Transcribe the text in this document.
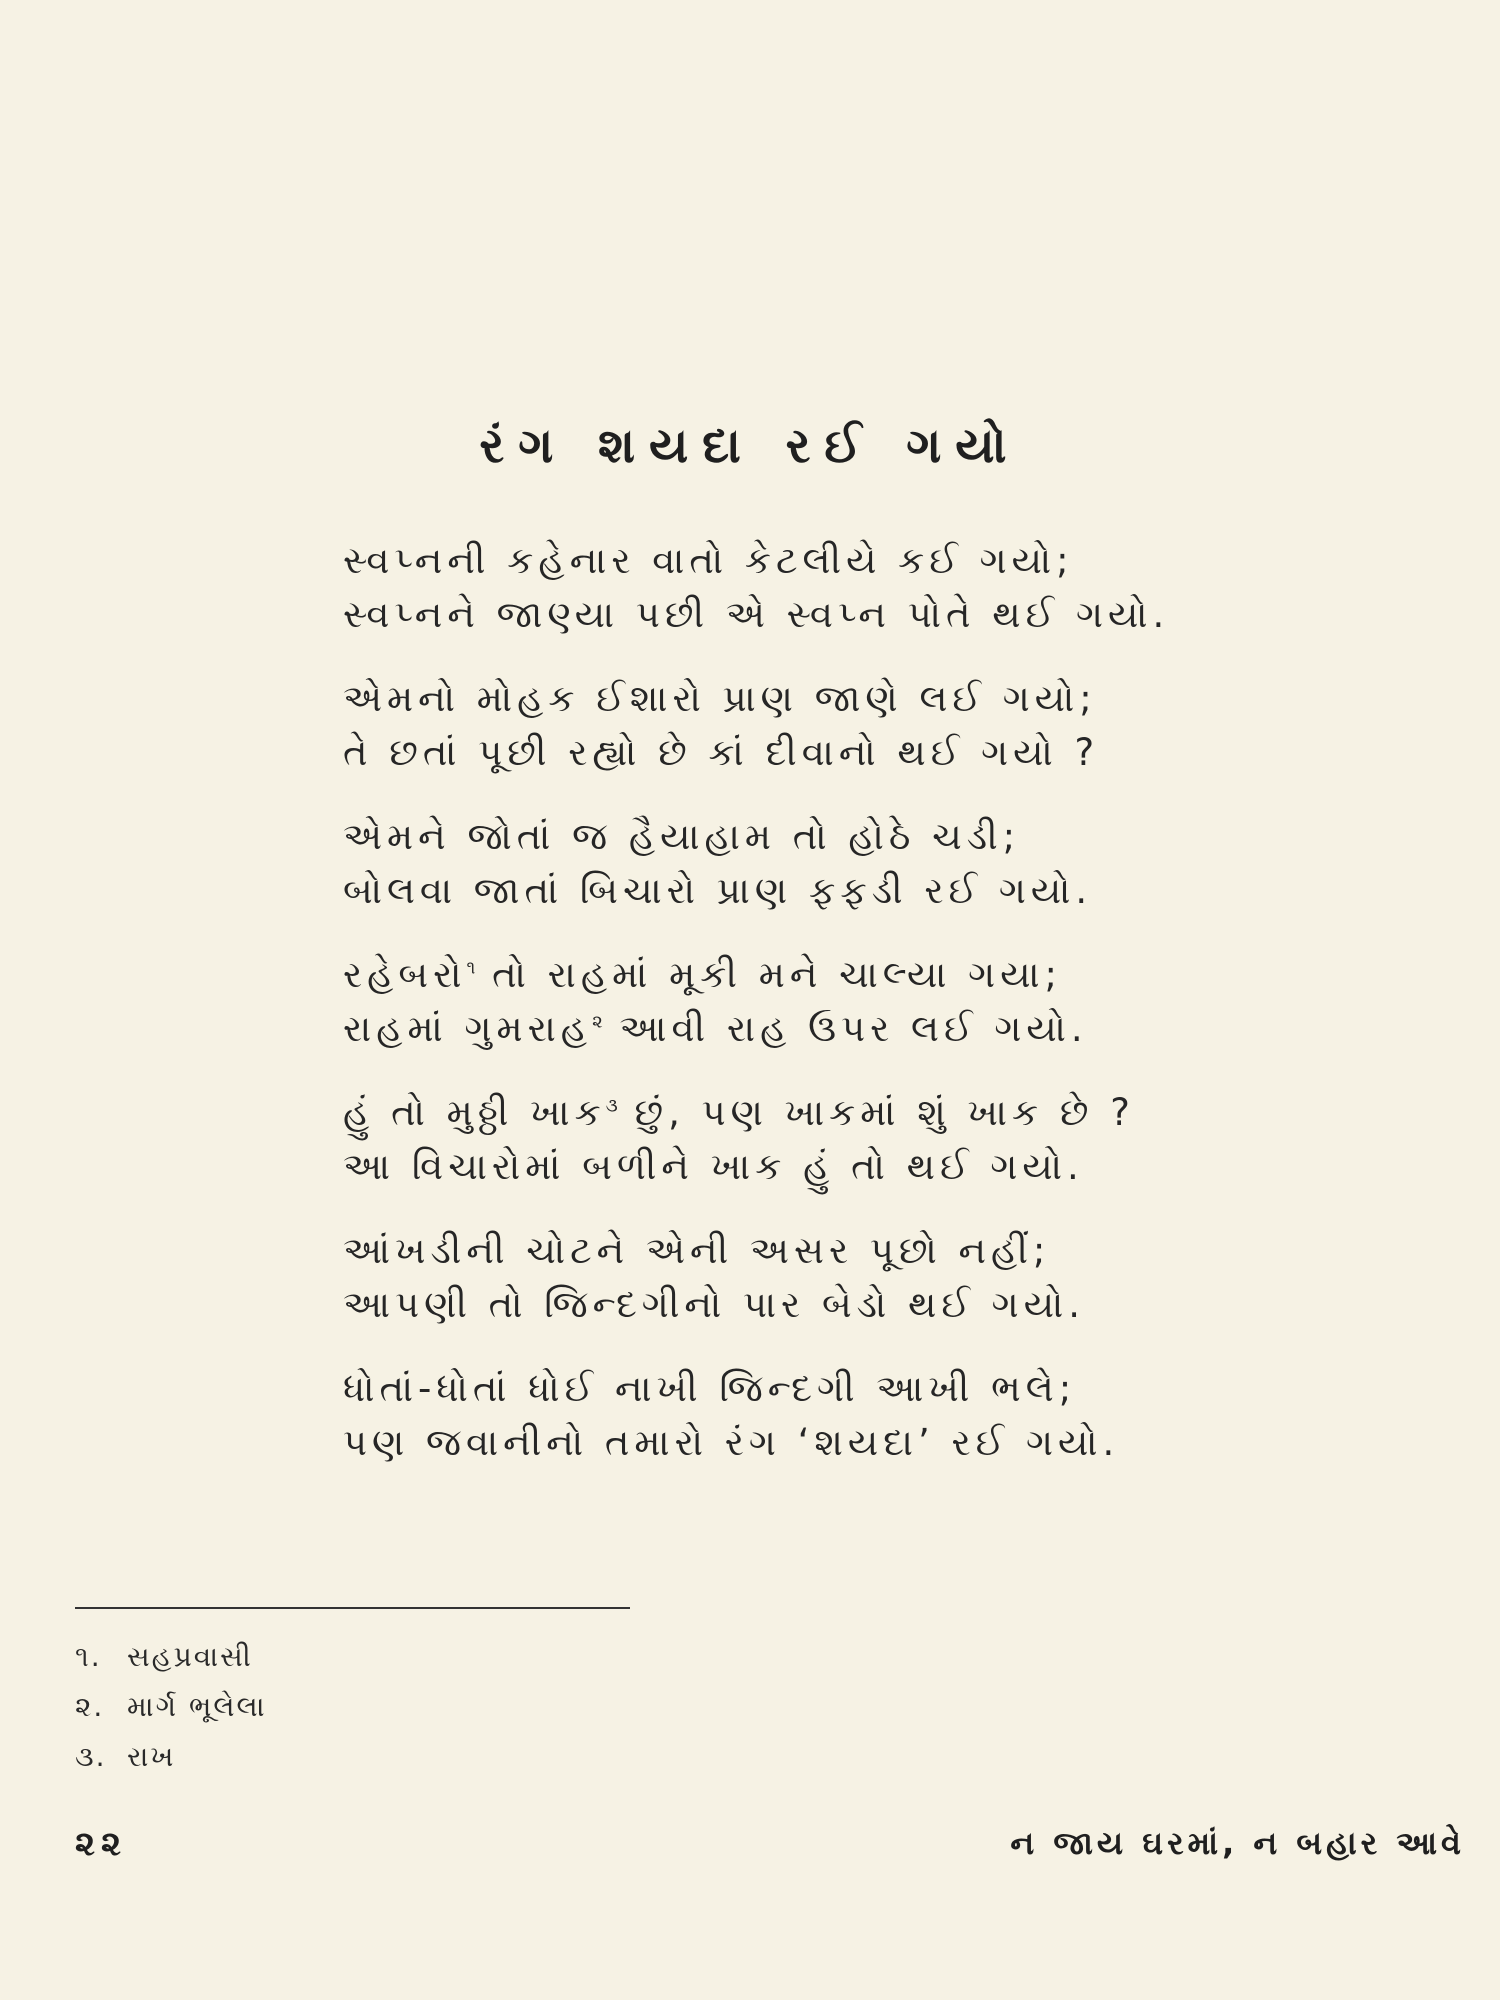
રંગ શયદા રઈ ગયો
સ્વપ્નની કહેનાર વાતો કેટલીયે કઈ ગયો;
સ્વપ્નને જાણ્યા પછી એ સ્વપ્ન પોતે થઈ ગયો.
એમનો મોહક ઈશારો પ્રાણ જાણે લઈ ગયો;
તે છતાં પૂછી રહ્યો છે કાં દીવાનો થઈ ગયો ?
એમને જોતાં જ હૈયાહામ તો હોઠે ચડી;
બોલવા જાતાં બિચારો પ્રાણ ફફડી રઈ ગયો.
રહેબરો$^૧$ તો રાહમાં મૂકી મને ચાલ્યા ગયા;
રાહમાં ગુમરાહ$^૨$ આવી રાહ ઉપર લઈ ગયો.
હું તો મુઠ્ઠી ખાક$^૩$ છું, પણ ખાકમાં શું ખાક છે ?
આ વિચારોમાં બળીને ખાક હું તો થઈ ગયો.
આંખડીની ચોટને એની અસર પૂછો નહીં;
આપણી તો જિન્દગીનો પાર બેડો થઈ ગયો.
ધોતાં-ધોતાં ધોઈ નાખી જિન્દગી આખી ભલે;
પણ જવાનીનો તમારો રંગ ‘શયદા’ રઈ ગયો.
૧. સહપ્રવાસી
૨. માર્ગ ભૂલેલા
૩. રાખ
૨૨	ન જાય ઘરમાં, ન બહાર આવે
